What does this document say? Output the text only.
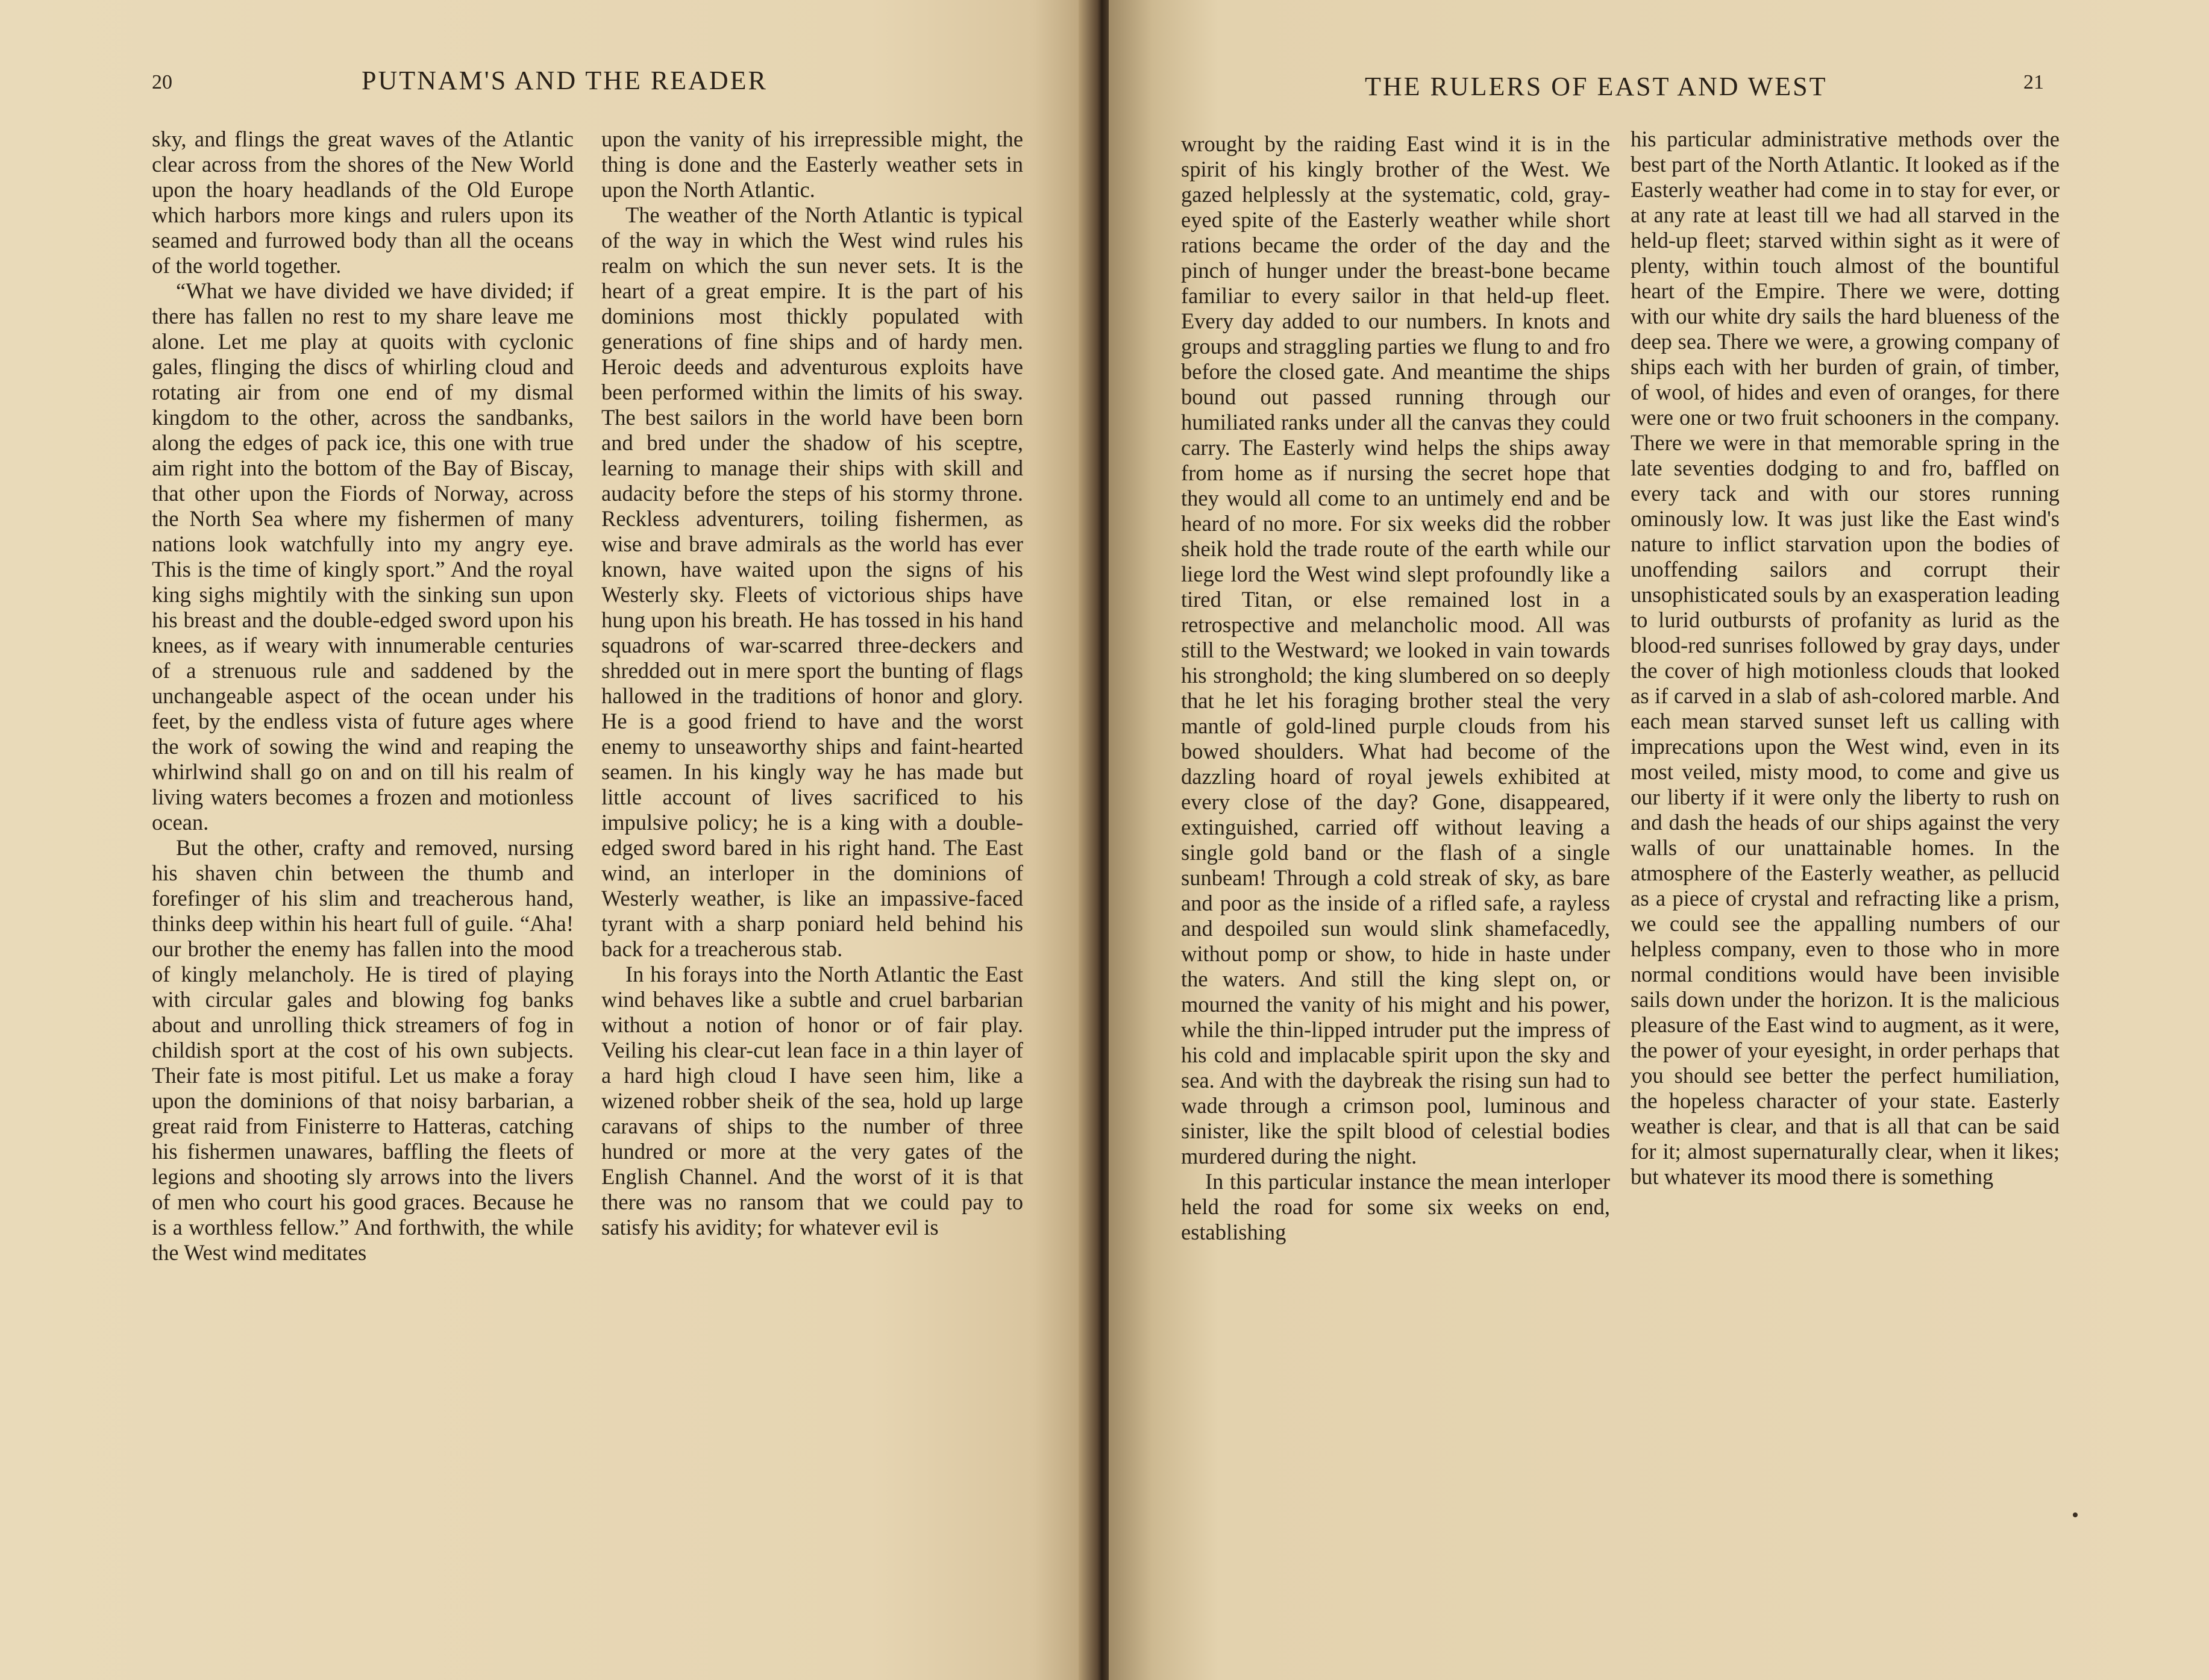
20	PUTNAM'S AND THE READER

sky, and flings the great waves of the Atlantic clear across from the shores of the New World upon the hoary headlands of the Old Europe which harbors more kings and rulers upon its seamed and furrowed body than all the oceans of the world together.

“What we have divided we have divided; if there has fallen no rest to my share leave me alone. Let me play at quoits with cyclonic gales, flinging the discs of whirling cloud and rotating air from one end of my dismal kingdom to the other, across the sandbanks, along the edges of pack ice, this one with true aim right into the bottom of the Bay of Biscay, that other upon the Fiords of Norway, across the North Sea where my fishermen of many nations look watchfully into my angry eye. This is the time of kingly sport.” And the royal king sighs mightily with the sinking sun upon his breast and the double-edged sword upon his knees, as if weary with innumerable centuries of a strenuous rule and saddened by the unchangeable aspect of the ocean under his feet, by the endless vista of future ages where the work of sowing the wind and reaping the whirlwind shall go on and on till his realm of living waters becomes a frozen and motionless ocean.

But the other, crafty and removed, nursing his shaven chin between the thumb and forefinger of his slim and treacherous hand, thinks deep within his heart full of guile. “Aha! our brother the enemy has fallen into the mood of kingly melancholy. He is tired of playing with circular gales and blowing fog banks about and unrolling thick streamers of fog in childish sport at the cost of his own subjects. Their fate is most pitiful. Let us make a foray upon the dominions of that noisy barbarian, a great raid from Finisterre to Hatteras, catching his fishermen unawares, baffling the fleets of legions and shooting sly arrows into the livers of men who court his good graces. Because he is a worthless fellow.” And forthwith, the while the West wind meditates

upon the vanity of his irrepressible might, the thing is done and the Easterly weather sets in upon the North Atlantic.

The weather of the North Atlantic is typical of the way in which the West wind rules his realm on which the sun never sets. It is the heart of a great empire. It is the part of his dominions most thickly populated with generations of fine ships and of hardy men. Heroic deeds and adventurous exploits have been performed within the limits of his sway. The best sailors in the world have been born and bred under the shadow of his sceptre, learning to manage their ships with skill and audacity before the steps of his stormy throne. Reckless adventurers, toiling fishermen, as wise and brave admirals as the world has ever known, have waited upon the signs of his Westerly sky. Fleets of victorious ships have hung upon his breath. He has tossed in his hand squadrons of war-scarred three-deckers and shredded out in mere sport the bunting of flags hallowed in the traditions of honor and glory. He is a good friend to have and the worst enemy to unseaworthy ships and faint-hearted seamen. In his kingly way he has made but little account of lives sacrificed to his impulsive policy; he is a king with a double-edged sword bared in his right hand. The East wind, an interloper in the dominions of Westerly weather, is like an impassive-faced tyrant with a sharp poniard held behind his back for a treacherous stab.

In his forays into the North Atlantic the East wind behaves like a subtle and cruel barbarian without a notion of honor or of fair play. Veiling his clear-cut lean face in a thin layer of a hard high cloud I have seen him, like a wizened robber sheik of the sea, hold up large caravans of ships to the number of three hundred or more at the very gates of the English Channel. And the worst of it is that there was no ransom that we could pay to satisfy his avidity; for whatever evil is

THE RULERS OF EAST AND WEST	21

wrought by the raiding East wind it is in the spirit of his kingly brother of the West. We gazed helplessly at the systematic, cold, gray-eyed spite of the Easterly weather while short rations became the order of the day and the pinch of hunger under the breast-bone became familiar to every sailor in that held-up fleet. Every day added to our numbers. In knots and groups and straggling parties we flung to and fro before the closed gate. And meantime the ships bound out passed running through our humiliated ranks under all the canvas they could carry. The Easterly wind helps the ships away from home as if nursing the secret hope that they would all come to an untimely end and be heard of no more. For six weeks did the robber sheik hold the trade route of the earth while our liege lord the West wind slept profoundly like a tired Titan, or else remained lost in a retrospective and melancholic mood. All was still to the Westward; we looked in vain towards his stronghold; the king slumbered on so deeply that he let his foraging brother steal the very mantle of gold-lined purple clouds from his bowed shoulders. What had become of the dazzling hoard of royal jewels exhibited at every close of the day? Gone, disappeared, extinguished, carried off without leaving a single gold band or the flash of a single sunbeam! Through a cold streak of sky, as bare and poor as the inside of a rifled safe, a rayless and despoiled sun would slink shamefacedly, without pomp or show, to hide in haste under the waters. And still the king slept on, or mourned the vanity of his might and his power, while the thin-lipped intruder put the impress of his cold and implacable spirit upon the sky and sea. And with the daybreak the rising sun had to wade through a crimson pool, luminous and sinister, like the spilt blood of celestial bodies murdered during the night.

In this particular instance the mean interloper held the road for some six weeks on end, establishing

his particular administrative methods over the best part of the North Atlantic. It looked as if the Easterly weather had come in to stay for ever, or at any rate at least till we had all starved in the held-up fleet; starved within sight as it were of plenty, within touch almost of the bountiful heart of the Empire. There we were, dotting with our white dry sails the hard blueness of the deep sea. There we were, a growing company of ships each with her burden of grain, of timber, of wool, of hides and even of oranges, for there were one or two fruit schooners in the company. There we were in that memorable spring in the late seventies dodging to and fro, baffled on every tack and with our stores running ominously low. It was just like the East wind's nature to inflict starvation upon the bodies of unoffending sailors and corrupt their unsophisticated souls by an exasperation leading to lurid outbursts of profanity as lurid as the blood-red sunrises followed by gray days, under the cover of high motionless clouds that looked as if carved in a slab of ash-colored marble. And each mean starved sunset left us calling with imprecations upon the West wind, even in its most veiled, misty mood, to come and give us our liberty if it were only the liberty to rush on and dash the heads of our ships against the very walls of our unattainable homes. In the atmosphere of the Easterly weather, as pellucid as a piece of crystal and refracting like a prism, we could see the appalling numbers of our helpless company, even to those who in more normal conditions would have been invisible sails down under the horizon. It is the malicious pleasure of the East wind to augment, as it were, the power of your eyesight, in order perhaps that you should see better the perfect humiliation, the hopeless character of your state. Easterly weather is clear, and that is all that can be said for it; almost supernaturally clear, when it likes; but whatever its mood there is something
